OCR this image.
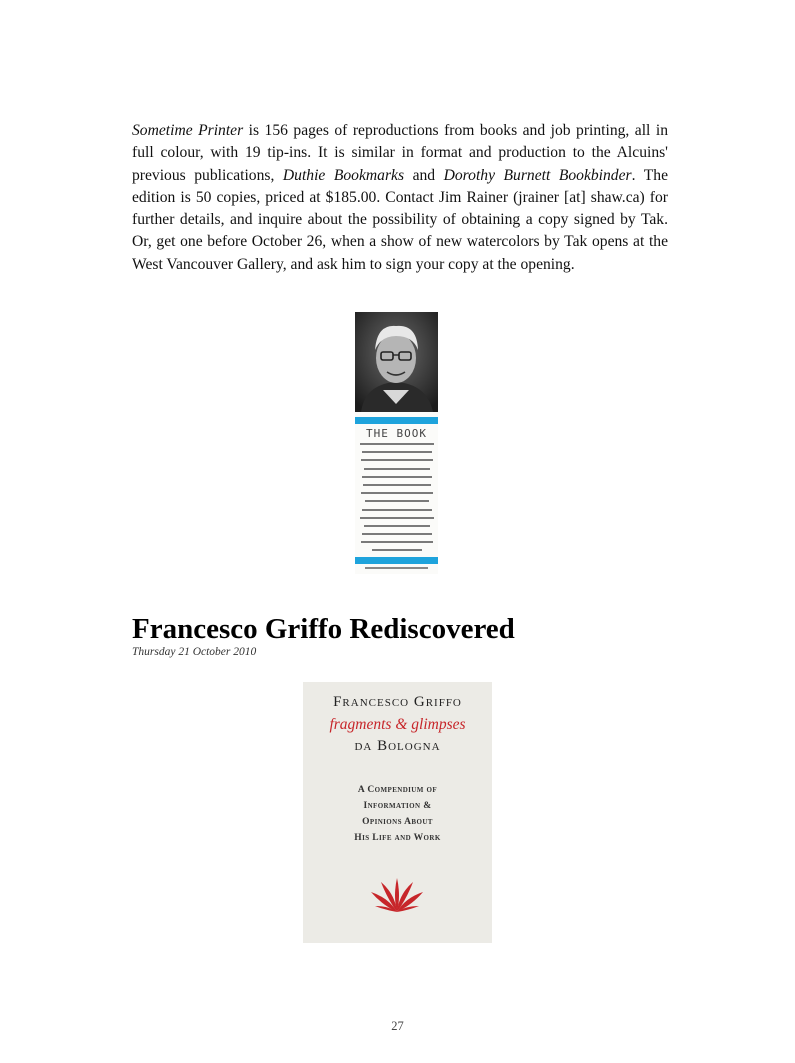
Sometime Printer is 156 pages of reproductions from books and job printing, all in full colour, with 19 tip-ins. It is similar in format and production to the Alcuins' previous publications, Duthie Bookmarks and Dorothy Burnett Bookbinder. The edition is 50 copies, priced at $185.00. Contact Jim Rainer (jrainer [at] shaw.ca) for further details, and inquire about the possibility of obtaining a copy signed by Tak. Or, get one before October 26, when a show of new watercolors by Tak opens at the West Vancouver Gallery, and ask him to sign your copy at the opening.

THE BOOK
Francesco Griffo Rediscovered
Thursday 21 October 2010
Francesco Griffo
fragments & glimpses
da Bologna
A Compendium of
Information &
Opinions About
His Life and Work
27
